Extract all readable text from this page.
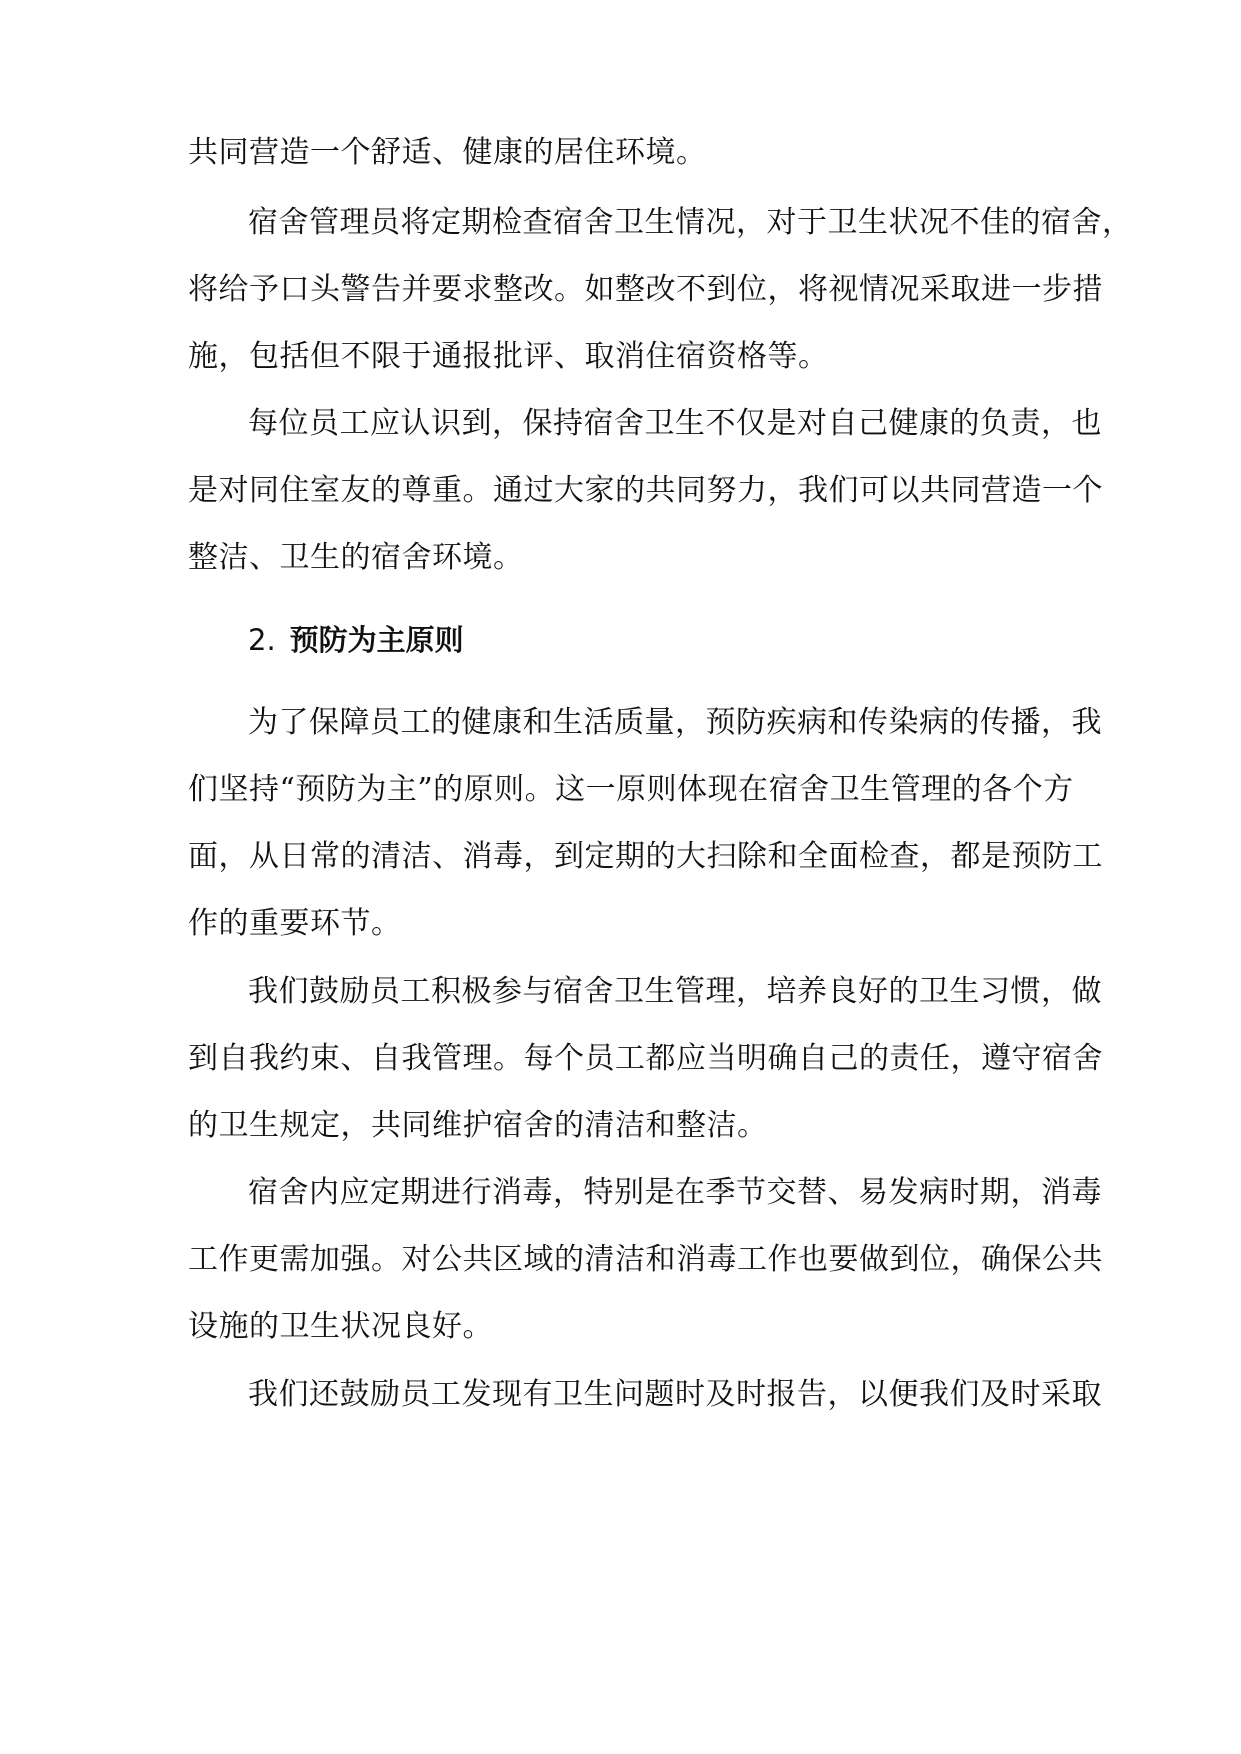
共同营造一个舒适、健康的居住环境。
宿舍管理员将定期检查宿舍卫生情况，对于卫生状况不佳的宿舍，
将给予口头警告并要求整改。如整改不到位，将视情况采取进一步措
施，包括但不限于通报批评、取消住宿资格等。
每位员工应认识到，保持宿舍卫生不仅是对自己健康的负责，也
是对同住室友的尊重。通过大家的共同努力，我们可以共同营造一个
整洁、卫生的宿舍环境。
2. 预防为主原则
为了保障员工的健康和生活质量，预防疾病和传染病的传播，我
们坚持“预防为主”的原则。这一原则体现在宿舍卫生管理的各个方
面，从日常的清洁、消毒，到定期的大扫除和全面检查，都是预防工
作的重要环节。
我们鼓励员工积极参与宿舍卫生管理，培养良好的卫生习惯，做
到自我约束、自我管理。每个员工都应当明确自己的责任，遵守宿舍
的卫生规定，共同维护宿舍的清洁和整洁。
宿舍内应定期进行消毒，特别是在季节交替、易发病时期，消毒
工作更需加强。对公共区域的清洁和消毒工作也要做到位，确保公共
设施的卫生状况良好。
我们还鼓励员工发现有卫生问题时及时报告，以便我们及时采取
